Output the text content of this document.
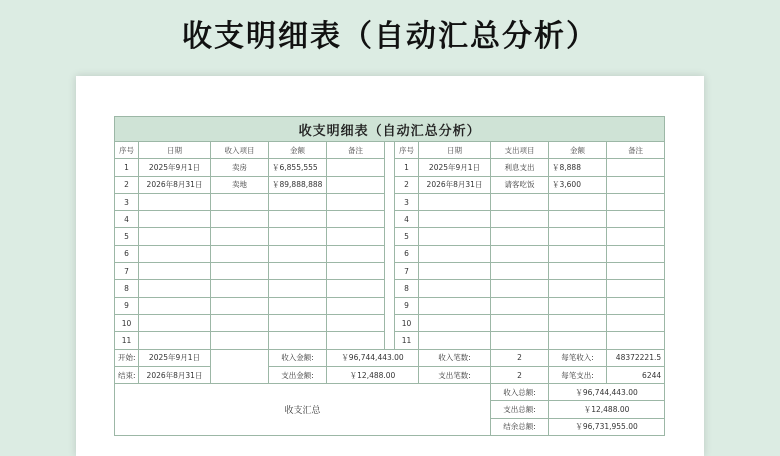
收支明细表（自动汇总分析）
收支明细表（自动汇总分析）										
序号	日期	收入项目	金额	备注		序号	日期	支出项目	金额	备注
1	2025年9月1日	卖房	￥6,855,555			1	2025年9月1日	利息支出	￥8,888	
2	2026年8月31日	卖地	￥89,888,888			2	2026年8月31日	请客吃饭	￥3,600	
3						3				
4						4				
5						5				
6						6				
7						7				
8						8				
9						9				
10						10				
11						11				
开始:	2025年9月1日		收入金额:	￥96,744,443.00			收入笔数:	2	每笔收入:	48372221.5
结束:	2026年8月31日		支出金额:	￥12,488.00			支出笔数:	2	每笔支出:	6244
收支汇总								收入总额:	￥96,744,443.00	
								支出总额:	￥12,488.00	
								结余总额:	￥96,731,955.00	
